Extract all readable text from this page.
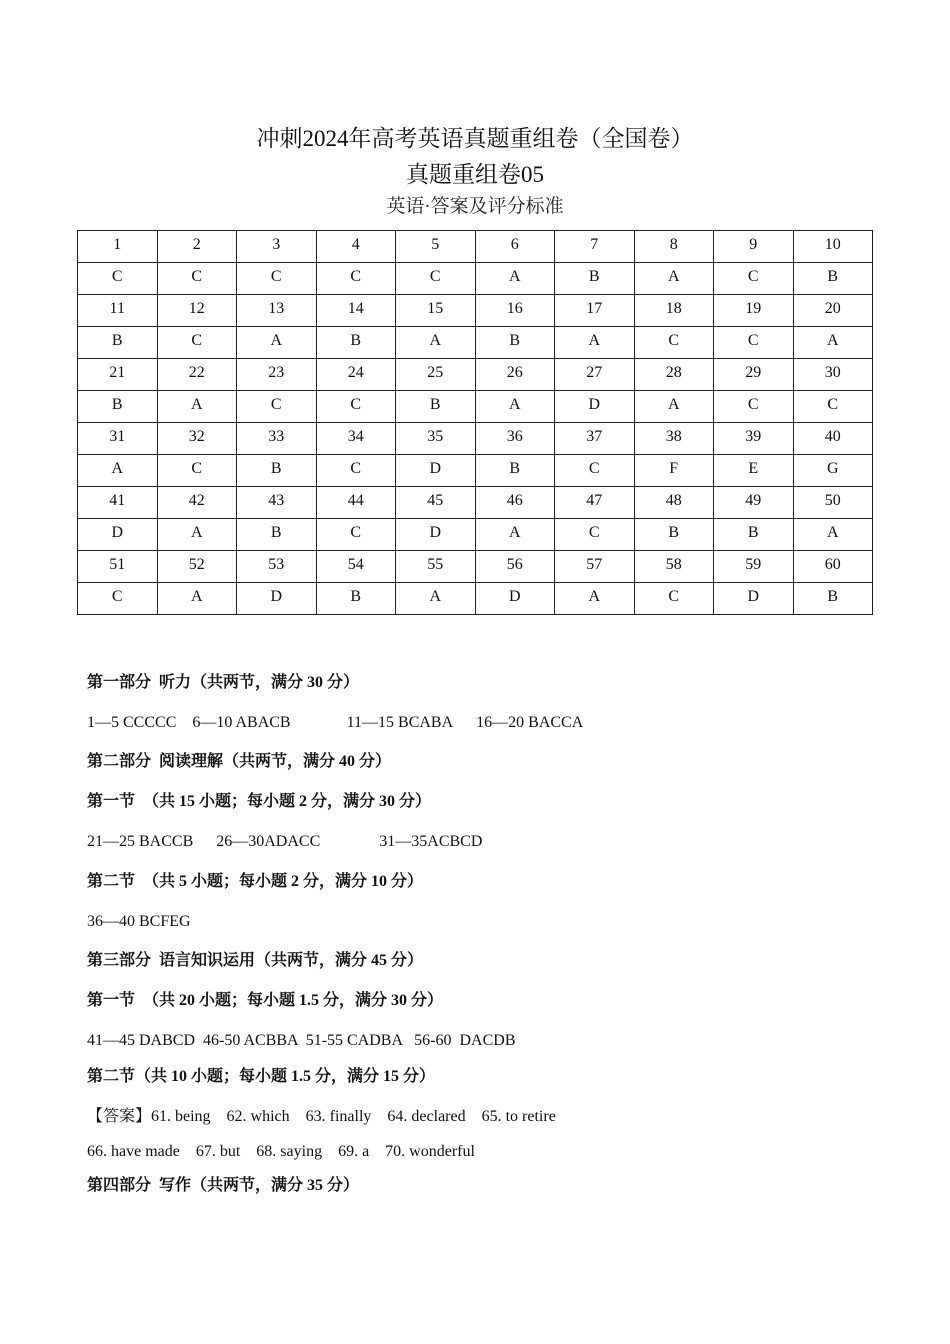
冲刺2024年高考英语真题重组卷（全国卷）
真题重组卷05
英语·答案及评分标准
1	2	3	4	5	6	7	8	9	10
C	C	C	C	C	A	B	A	C	B
11	12	13	14	15	16	17	18	19	20
B	C	A	B	A	B	A	C	C	A
21	22	23	24	25	26	27	28	29	30
B	A	C	C	B	A	D	A	C	C
31	32	33	34	35	36	37	38	39	40
A	C	B	C	D	B	C	F	E	G
41	42	43	44	45	46	47	48	49	50
D	A	B	C	D	A	C	B	B	A
51	52	53	54	55	56	57	58	59	60
C	A	D	B	A	D	A	C	D	B
第一部分  听力（共两节，满分 30 分）
1—5 CCCCC 6—10 ABACB	11—15 BCABA 16—20 BACCA
第二部分  阅读理解（共两节，满分 40 分）
第一节  （共 15 小题；每小题 2 分，满分 30 分）
21—25 BACCB 26—30ADACC	31—35ACBCD
第二节  （共 5 小题；每小题 2 分，满分 10 分）
36—40 BCFEG
第三部分  语言知识运用（共两节，满分 45 分）
第一节  （共 20 小题；每小题 1.5 分，满分 30 分）
41—45 DABCD  46-50 ACBBA  51-55 CADBA   56-60  DACDB
第二节（共 10 小题；每小题 1.5 分，满分 15 分）
【答案】61. being    62. which    63. finally    64. declared    65. to retire
66. have made    67. but    68. saying    69. a    70. wonderful
第四部分  写作（共两节，满分 35 分）
